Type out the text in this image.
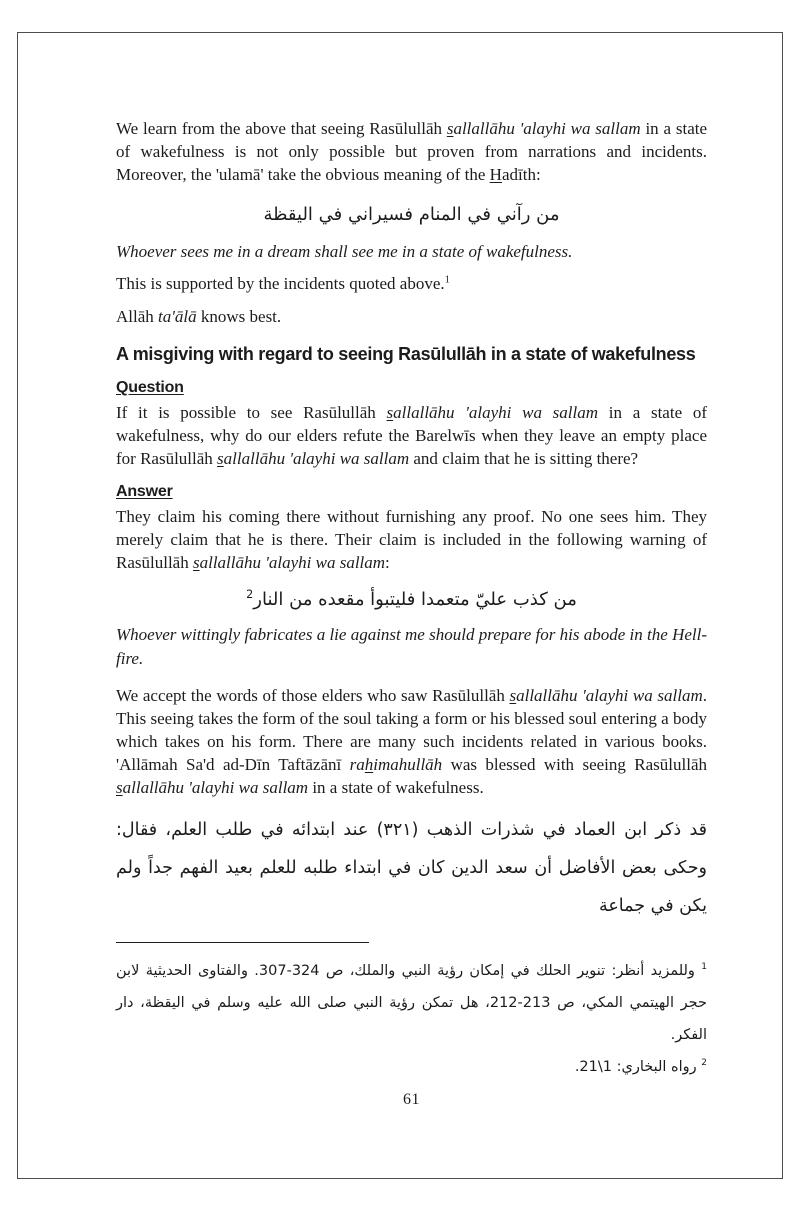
We learn from the above that seeing Rasūlullāh sallallāhu 'alayhi wa sallam in a state of wakefulness is not only possible but proven from narrations and incidents. Moreover, the 'ulamā' take the obvious meaning of the Hadīth:

من رآني في المنام فسيراني في اليقظة

Whoever sees me in a dream shall see me in a state of wakefulness.

This is supported by the incidents quoted above.$^1$

Allāh ta'ālā knows best.

A misgiving with regard to seeing Rasūlullāh in a state of wakefulness
Question

If it is possible to see Rasūlullāh sallallāhu 'alayhi wa sallam in a state of wakefulness, why do our elders refute the Barelwīs when they leave an empty place for Rasūlullāh sallallāhu 'alayhi wa sallam and claim that he is sitting there?

Answer

They claim his coming there without furnishing any proof. No one sees him. They merely claim that he is there. Their claim is included in the following warning of Rasūlullāh sallallāhu 'alayhi wa sallam:

من كذب عليّ متعمدا فليتبوأ مقعده من النار$^2$

Whoever wittingly fabricates a lie against me should prepare for his abode in the Hell-fire.

We accept the words of those elders who saw Rasūlullāh sallallāhu 'alayhi wa sallam. This seeing takes the form of the soul taking a form or his blessed soul entering a body which takes on his form. There are many such incidents related in various books. 'Allāmah Sa'd ad-Dīn Taftāzānī rahimahullāh was blessed with seeing Rasūlullāh sallallāhu 'alayhi wa sallam in a state of wakefulness.

قد ذكر ابن العماد في شذرات الذهب (٣٢١) عند ابتدائه في طلب العلم، فقال: وحكى بعض الأفاضل أن سعد الدين كان في ابتداء طلبه للعلم بعيد الفهم جداً ولم يكن في جماعة

$^1$ وللمزيد أنظر: تنوير الحلك في إمكان رؤية النبي والملك، ص 307-324. والفتاوى الحديثية لابن حجر الهيتمي المكي، ص 212-213، هل تمكن رؤية النبي صلى الله عليه وسلم في اليقظة، دار الفكر.

$^2$ رواه البخاري: 21\1.

61
